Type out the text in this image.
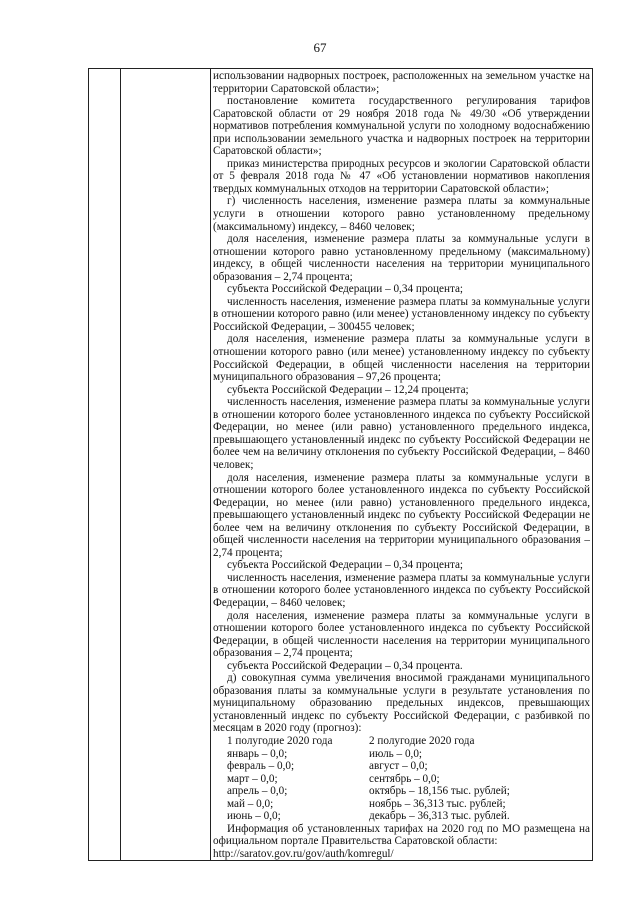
67

использовании надворных построек, расположенных на земельном участке на территории Саратовской области»;

постановление комитета государственного регулирования тарифов Саратовской области от 29 ноября 2018 года № 49/30 «Об утверждении нормативов потребления коммунальной услуги по холодному водоснабжению при использовании земельного участка и надворных построек на территории Саратовской области»;

приказ министерства природных ресурсов и экологии Саратовской области от 5 февраля 2018 года № 47 «Об установлении нормативов накопления твердых коммунальных отходов на территории Саратовской области»;

г) численность населения, изменение размера платы за коммунальные услуги в отношении которого равно установленному предельному (максимальному) индексу, – 8460 человек;

доля населения, изменение размера платы за коммунальные услуги в отношении которого равно установленному предельному (максимальному) индексу, в общей численности населения на территории муниципального образования – 2,74 процента;

субъекта Российской Федерации – 0,34 процента;

численность населения, изменение размера платы за коммунальные услуги в отношении которого равно (или менее) установленному индексу по субъекту Российской Федерации, – 300455 человек;

доля населения, изменение размера платы за коммунальные услуги в отношении которого равно (или менее) установленному индексу по субъекту Российской Федерации, в общей численности населения на территории муниципального образования – 97,26 процента;

субъекта Российской Федерации – 12,24 процента;

численность населения, изменение размера платы за коммунальные услуги в отношении которого более установленного индекса по субъекту Российской Федерации, но менее (или равно) установленного предельного индекса, превышающего установленный индекс по субъекту Российской Федерации не более чем на величину отклонения по субъекту Российской Федерации, – 8460 человек;

доля населения, изменение размера платы за коммунальные услуги в отношении которого более установленного индекса по субъекту Российской Федерации, но менее (или равно) установленного предельного индекса, превышающего установленный индекс по субъекту Российской Федерации не более чем на величину отклонения по субъекту Российской Федерации, в общей численности населения на территории муниципального образования – 2,74 процента;

субъекта Российской Федерации – 0,34 процента;

численность населения, изменение размера платы за коммунальные услуги в отношении которого более установленного индекса по субъекту Российской Федерации, – 8460 человек;

доля населения, изменение размера платы за коммунальные услуги в отношении которого более установленного индекса по субъекту Российской Федерации, в общей численности населения на территории муниципального образования – 2,74 процента;

субъекта Российской Федерации – 0,34 процента.

д) совокупная сумма увеличения вносимой гражданами муниципального образования платы за коммунальные услуги в результате установления по муниципальному образованию предельных индексов, превышающих установленный индекс по субъекту Российской Федерации, с разбивкой по месяцам в 2020 году (прогноз):

1 полугодие 2020 года	2 полугодие 2020 года
январь – 0,0;	июль – 0,0;
февраль – 0,0;	август – 0,0;
март – 0,0;	сентябрь – 0,0;
апрель – 0,0;	октябрь – 18,156 тыс. рублей;
май – 0,0;	ноябрь – 36,313 тыс. рублей;
июнь – 0,0;	декабрь – 36,313 тыс. рублей.

Информация об установленных тарифах на 2020 год по МО размещена на официальном портале Правительства Саратовской области:

http://saratov.gov.ru/gov/auth/komregul/
